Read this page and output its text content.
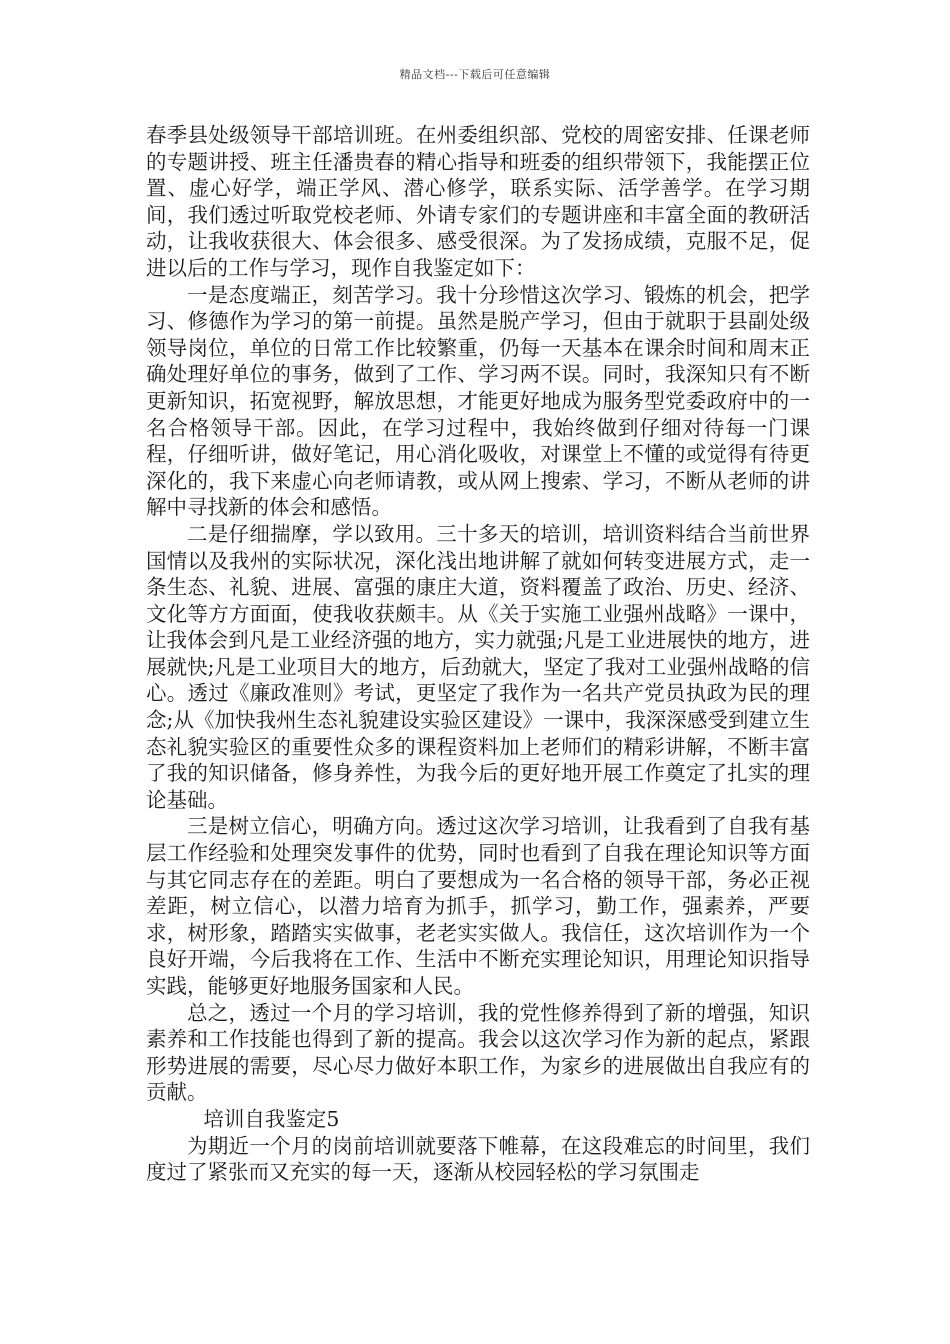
精品文档---下载后可任意编辑

春季县处级领导干部培训班。在州委组织部、党校的周密安排、任课老师的专题讲授、班主任潘贵春的精心指导和班委的组织带领下，我能摆正位置、虚心好学，端正学风、潜心修学，联系实际、活学善学。在学习期间，我们透过听取党校老师、外请专家们的专题讲座和丰富全面的教研活动，让我收获很大、体会很多、感受很深。为了发扬成绩，克服不足，促进以后的工作与学习，现作自我鉴定如下：

一是态度端正，刻苦学习。我十分珍惜这次学习、锻炼的机会，把学习、修德作为学习的第一前提。虽然是脱产学习，但由于就职于县副处级领导岗位，单位的日常工作比较繁重，仍每一天基本在课余时间和周末正确处理好单位的事务，做到了工作、学习两不误。同时，我深知只有不断更新知识，拓宽视野，解放思想，才能更好地成为服务型党委政府中的一名合格领导干部。因此，在学习过程中，我始终做到仔细对待每一门课程，仔细听讲，做好笔记，用心消化吸收，对课堂上不懂的或觉得有待更深化的，我下来虚心向老师请教，或从网上搜索、学习，不断从老师的讲解中寻找新的体会和感悟。

二是仔细揣摩，学以致用。三十多天的培训，培训资料结合当前世界国情以及我州的实际状况，深化浅出地讲解了就如何转变进展方式，走一条生态、礼貌、进展、富强的康庄大道，资料覆盖了政治、历史、经济、文化等方方面面，使我收获颇丰。从《关于实施工业强州战略》一课中，让我体会到凡是工业经济强的地方，实力就强;凡是工业进展快的地方，进展就快;凡是工业项目大的地方，后劲就大，坚定了我对工业强州战略的信心。透过《廉政准则》考试，更坚定了我作为一名共产党员执政为民的理念;从《加快我州生态礼貌建设实验区建设》一课中，我深深感受到建立生态礼貌实验区的重要性众多的课程资料加上老师们的精彩讲解，不断丰富了我的知识储备，修身养性，为我今后的更好地开展工作奠定了扎实的理论基础。

三是树立信心，明确方向。透过这次学习培训，让我看到了自我有基层工作经验和处理突发事件的优势，同时也看到了自我在理论知识等方面与其它同志存在的差距。明白了要想成为一名合格的领导干部，务必正视差距，树立信心，以潜力培育为抓手，抓学习，勤工作，强素养，严要求，树形象，踏踏实实做事，老老实实做人。我信任，这次培训作为一个良好开端，今后我将在工作、生活中不断充实理论知识，用理论知识指导实践，能够更好地服务国家和人民。

总之，透过一个月的学习培训，我的党性修养得到了新的增强，知识素养和工作技能也得到了新的提高。我会以这次学习作为新的起点，紧跟形势进展的需要，尽心尽力做好本职工作，为家乡的进展做出自我应有的贡献。

培训自我鉴定5

为期近一个月的岗前培训就要落下帷幕，在这段难忘的时间里，我们度过了紧张而又充实的每一天，逐渐从校园轻松的学习氛围走
